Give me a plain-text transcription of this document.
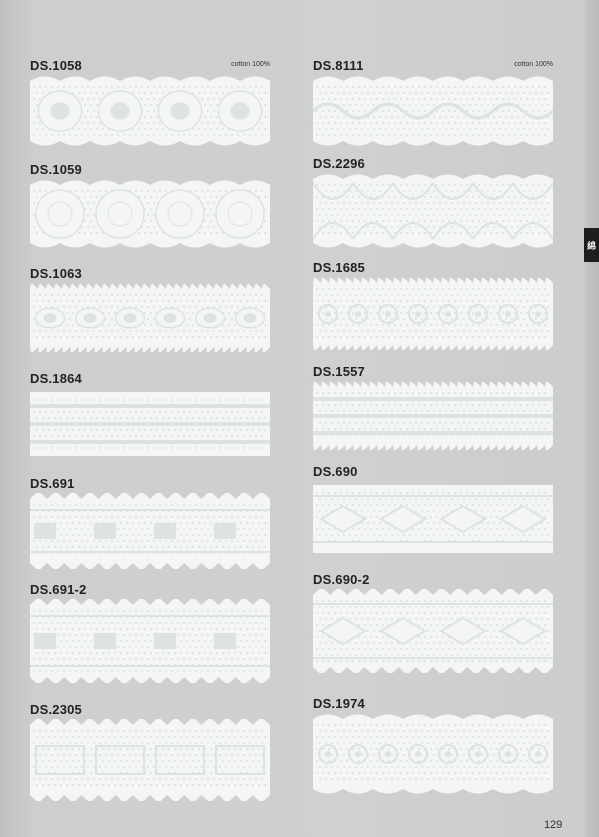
綿
DS.1058	cotton 100%
DS.1059
DS.1063
DS.1864
DS.691
DS.691-2
DS.2305
DS.8111	cotton 100%
DS.2296
DS.1685
DS.1557
DS.690
DS.690-2
DS.1974
129
